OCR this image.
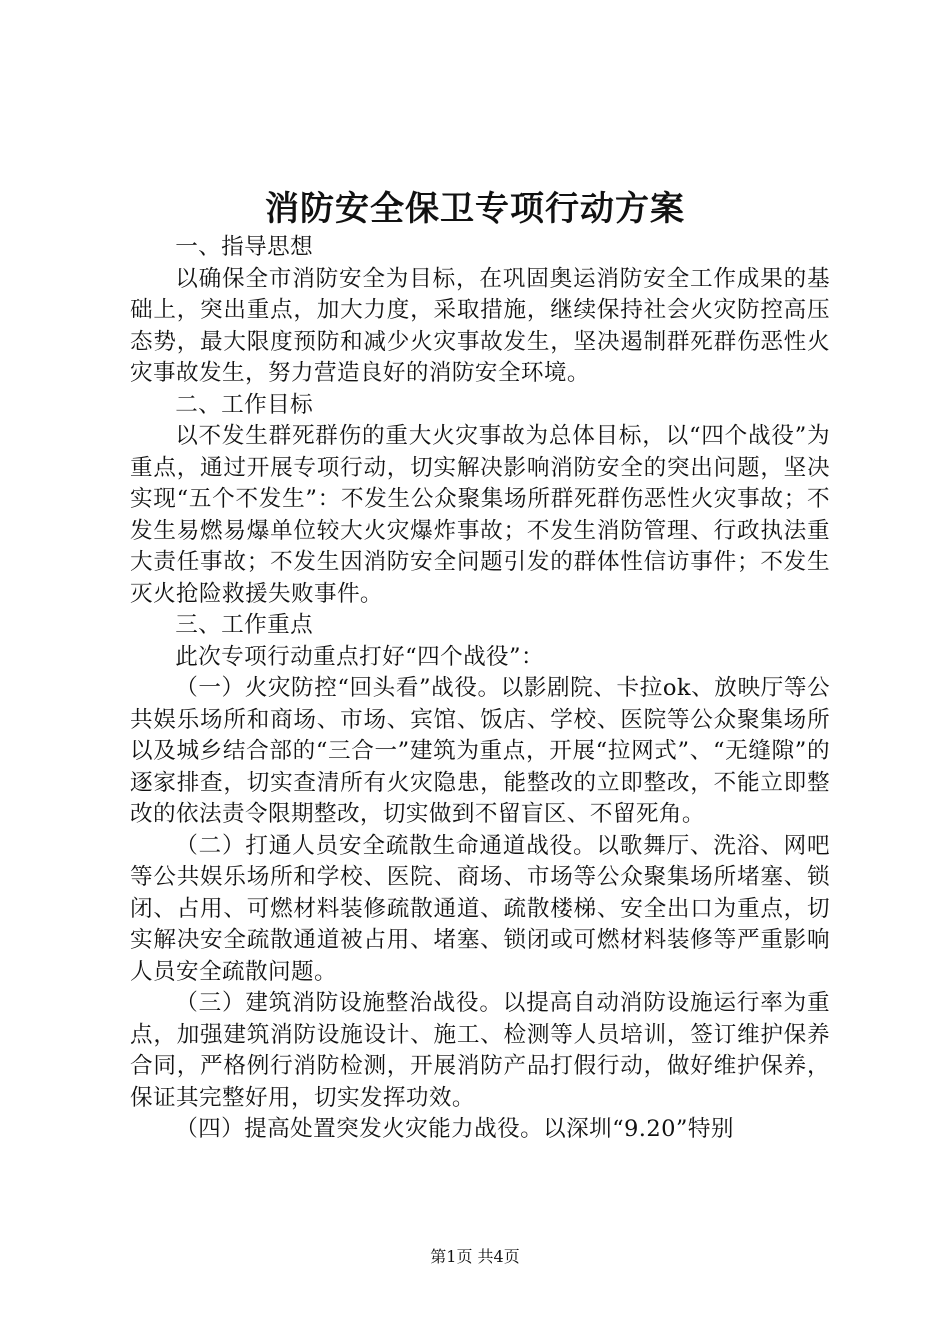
消防安全保卫专项行动方案

一、指导思想

以确保全市消防安全为目标，在巩固奥运消防安全工作成果的基础上，突出重点，加大力度，采取措施，继续保持社会火灾防控高压态势，最大限度预防和减少火灾事故发生，坚决遏制群死群伤恶性火灾事故发生，努力营造良好的消防安全环境。

二、工作目标

以不发生群死群伤的重大火灾事故为总体目标，以“四个战役”为重点，通过开展专项行动，切实解决影响消防安全的突出问题，坚决实现“五个不发生”：不发生公众聚集场所群死群伤恶性火灾事故；不发生易燃易爆单位较大火灾爆炸事故；不发生消防管理、行政执法重大责任事故；不发生因消防安全问题引发的群体性信访事件；不发生灭火抢险救援失败事件。

三、工作重点

此次专项行动重点打好“四个战役”：

（一）火灾防控“回头看”战役。以影剧院、卡拉ok、放映厅等公共娱乐场所和商场、市场、宾馆、饭店、学校、医院等公众聚集场所以及城乡结合部的“三合一”建筑为重点，开展“拉网式”、“无缝隙”的逐家排查，切实查清所有火灾隐患，能整改的立即整改，不能立即整改的依法责令限期整改，切实做到不留盲区、不留死角。

（二）打通人员安全疏散生命通道战役。以歌舞厅、洗浴、网吧等公共娱乐场所和学校、医院、商场、市场等公众聚集场所堵塞、锁闭、占用、可燃材料装修疏散通道、疏散楼梯、安全出口为重点，切实解决安全疏散通道被占用、堵塞、锁闭或可燃材料装修等严重影响人员安全疏散问题。

（三）建筑消防设施整治战役。以提高自动消防设施运行率为重点，加强建筑消防设施设计、施工、检测等人员培训，签订维护保养合同，严格例行消防检测，开展消防产品打假行动，做好维护保养，保证其完整好用，切实发挥功效。

（四）提高处置突发火灾能力战役。以深圳“9.20”特别

第1页 共4页
